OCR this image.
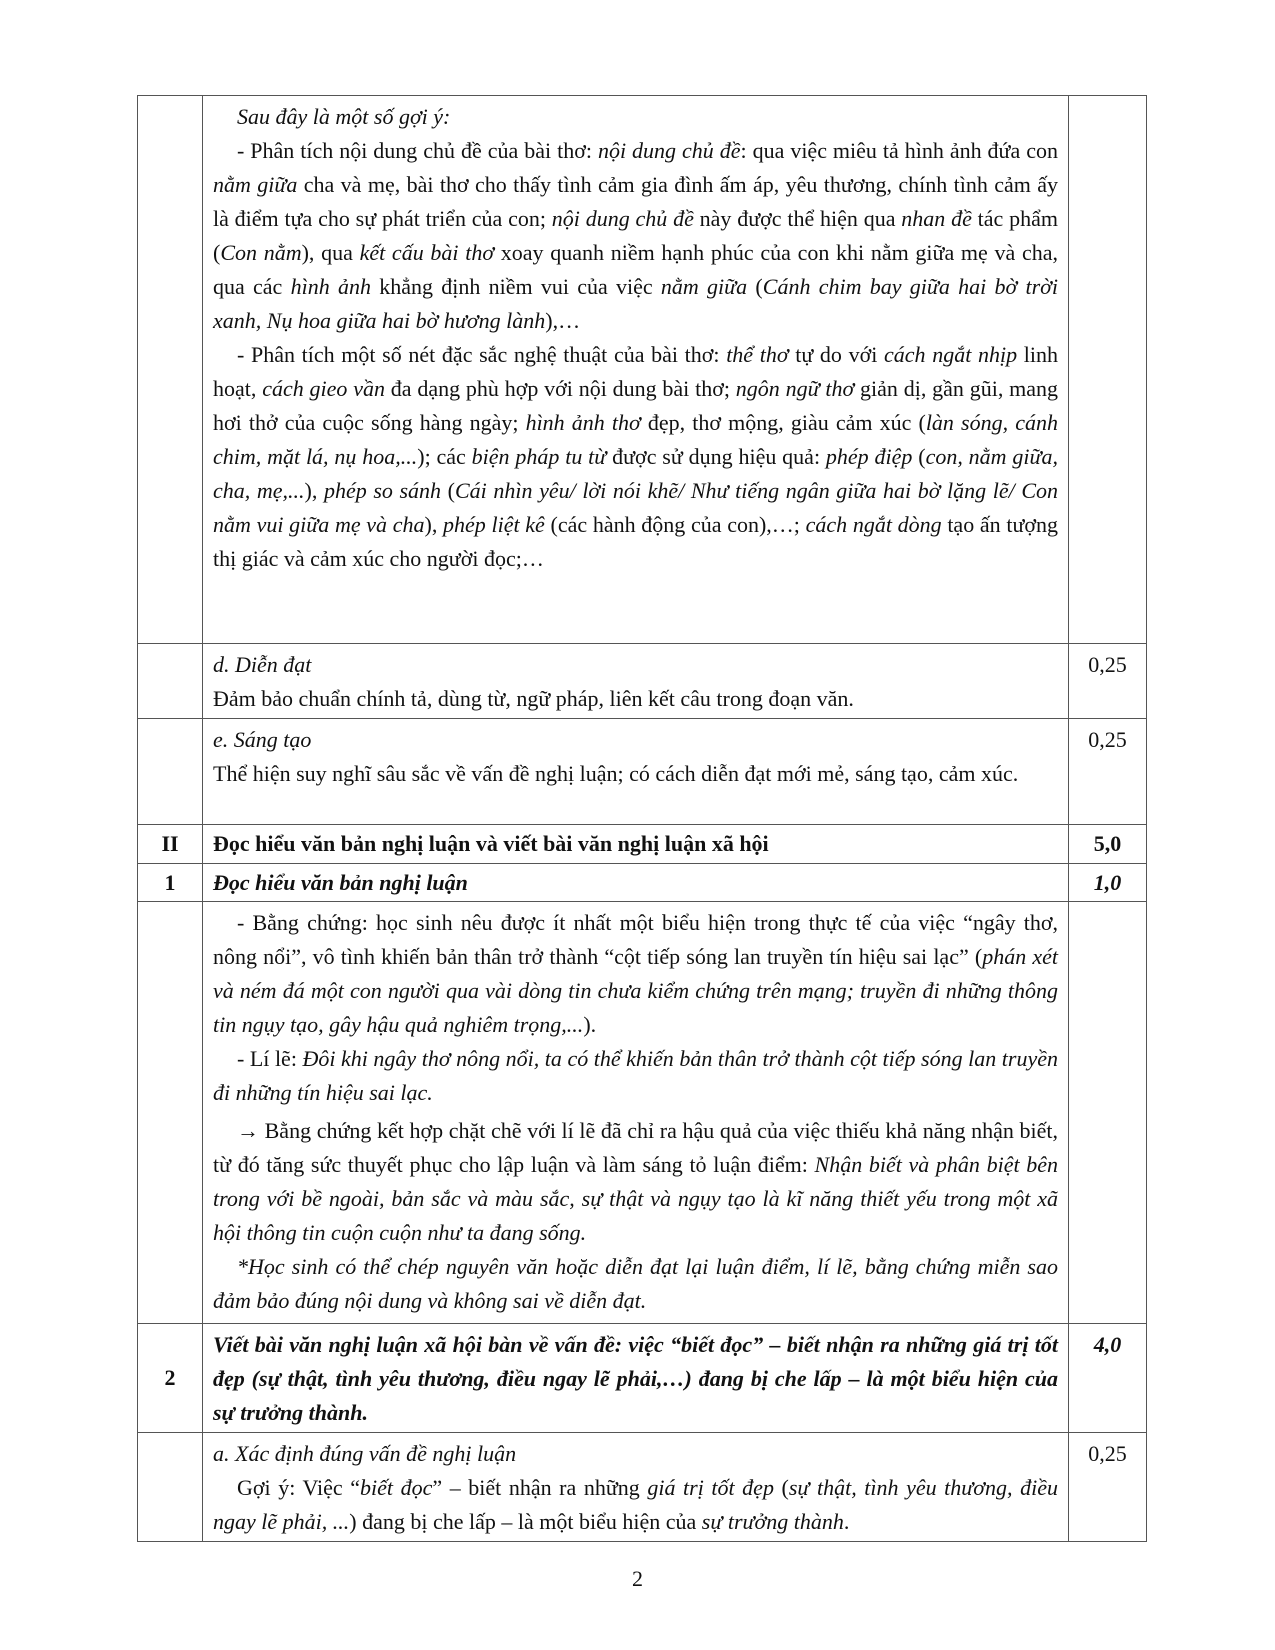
	Sau đây là một số gợi ý:

- Phân tích nội dung chủ đề của bài thơ: nội dung chủ đề: qua việc miêu tả hình ảnh đứa con nằm giữa cha và mẹ, bài thơ cho thấy tình cảm gia đình ấm áp, yêu thương, chính tình cảm ấy là điểm tựa cho sự phát triển của con; nội dung chủ đề này được thể hiện qua nhan đề tác phẩm (Con nằm), qua kết cấu bài thơ xoay quanh niềm hạnh phúc của con khi nằm giữa mẹ và cha, qua các hình ảnh khẳng định niềm vui của việc nằm giữa (Cánh chim bay giữa hai bờ trời xanh, Nụ hoa giữa hai bờ hương lành),…

- Phân tích một số nét đặc sắc nghệ thuật của bài thơ: thể thơ tự do với cách ngắt nhịp linh hoạt, cách gieo vần đa dạng phù hợp với nội dung bài thơ; ngôn ngữ thơ giản dị, gần gũi, mang hơi thở của cuộc sống hàng ngày; hình ảnh thơ đẹp, thơ mộng, giàu cảm xúc (làn sóng, cánh chim, mặt lá, nụ hoa,...); các biện pháp tu từ được sử dụng hiệu quả: phép điệp (con, nằm giữa, cha, mẹ,...), phép so sánh (Cái nhìn yêu/ lời nói khẽ/ Như tiếng ngân giữa hai bờ lặng lẽ/ Con nằm vui giữa mẹ và cha), phép liệt kê (các hành động của con),…; cách ngắt dòng tạo ấn tượng thị giác và cảm xúc cho người đọc;…	

	d. Diễn đạt

Đảm bảo chuẩn chính tả, dùng từ, ngữ pháp, liên kết câu trong đoạn văn.	0,25

	e. Sáng tạo

Thể hiện suy nghĩ sâu sắc về vấn đề nghị luận; có cách diễn đạt mới mẻ, sáng tạo, cảm xúc.	0,25
II	Đọc hiểu văn bản nghị luận và viết bài văn nghị luận xã hội	5,0
1	Đọc hiểu văn bản nghị luận	1,0

	- Bằng chứng: học sinh nêu được ít nhất một biểu hiện trong thực tế của việc “ngây thơ, nông nổi”, vô tình khiến bản thân trở thành “cột tiếp sóng lan truyền tín hiệu sai lạc” (phán xét và ném đá một con người qua vài dòng tin chưa kiểm chứng trên mạng; truyền đi những thông tin ngụy tạo, gây hậu quả nghiêm trọng,...).

- Lí lẽ: Đôi khi ngây thơ nông nổi, ta có thể khiến bản thân trở thành cột tiếp sóng lan truyền đi những tín hiệu sai lạc.

→ Bằng chứng kết hợp chặt chẽ với lí lẽ đã chỉ ra hậu quả của việc thiếu khả năng nhận biết, từ đó tăng sức thuyết phục cho lập luận và làm sáng tỏ luận điểm: Nhận biết và phân biệt bên trong với bề ngoài, bản sắc và màu sắc, sự thật và ngụy tạo là kĩ năng thiết yếu trong một xã hội thông tin cuộn cuộn như ta đang sống.

*Học sinh có thể chép nguyên văn hoặc diễn đạt lại luận điểm, lí lẽ, bằng chứng miễn sao đảm bảo đúng nội dung và không sai về diễn đạt.	

2	Viết bài văn nghị luận xã hội bàn về vấn đề: việc “biết đọc” – biết nhận ra những giá trị tốt đẹp (sự thật, tình yêu thương, điều ngay lẽ phải,…) đang bị che lấp – là một biểu hiện của sự trưởng thành.	4,0

	a. Xác định đúng vấn đề nghị luận

Gợi ý: Việc “biết đọc” – biết nhận ra những giá trị tốt đẹp (sự thật, tình yêu thương, điều ngay lẽ phải, ...) đang bị che lấp – là một biểu hiện của sự trưởng thành.	0,25
2
